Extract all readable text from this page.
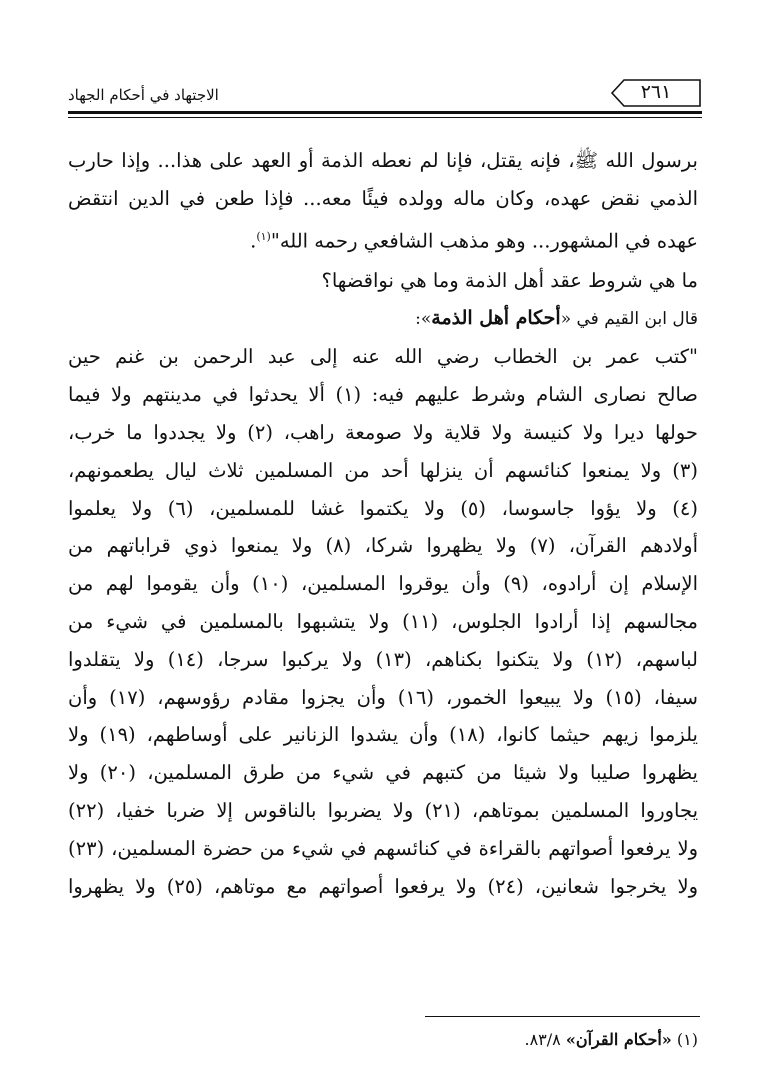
٢٦١
الاجتهاد في أحكام الجهاد
برسول الله ﷺ، فإنه يقتل، فإنا لم نعطه الذمة أو العهد على هذا... وإذا حارب
الذمي نقض عهده، وكان ماله وولده فيئًا معه... فإذا طعن في الدين انتقض
عهده في المشهور... وهو مذهب الشافعي رحمه الله"$^{(١)}$.
ما هي شروط عقد أهل الذمة وما هي نواقضها؟
قال ابن القيم في «أحكام أهل الذمة»:
"كتب عمر بن الخطاب رضي الله عنه إلى عبد الرحمن بن غنم حين
صالح نصارى الشام وشرط عليهم فيه: (١) ألا يحدثوا في مدينتهم ولا فيما
حولها ديرا ولا كنيسة ولا قلاية ولا صومعة راهب، (٢) ولا يجددوا ما خرب،
(٣) ولا يمنعوا كنائسهم أن ينزلها أحد من المسلمين ثلاث ليال يطعمونهم،
(٤) ولا يؤوا جاسوسا، (٥) ولا يكتموا غشا للمسلمين، (٦) ولا يعلموا
أولادهم القرآن، (٧) ولا يظهروا شركا، (٨) ولا يمنعوا ذوي قراباتهم من
الإسلام إن أرادوه، (٩) وأن يوقروا المسلمين، (١٠) وأن يقوموا لهم من
مجالسهم إذا أرادوا الجلوس، (١١) ولا يتشبهوا بالمسلمين في شيء من
لباسهم، (١٢) ولا يتكنوا بكناهم، (١٣) ولا يركبوا سرجا، (١٤) ولا يتقلدوا
سيفا، (١٥) ولا يبيعوا الخمور، (١٦) وأن يجزوا مقادم رؤوسهم، (١٧) وأن
يلزموا زيهم حيثما كانوا، (١٨) وأن يشدوا الزنانير على أوساطهم، (١٩) ولا
يظهروا صليبا ولا شيئا من كتبهم في شيء من طرق المسلمين، (٢٠) ولا
يجاوروا المسلمين بموتاهم، (٢١) ولا يضربوا بالناقوس إلا ضربا خفيا، (٢٢)
ولا يرفعوا أصواتهم بالقراءة في كنائسهم في شيء من حضرة المسلمين، (٢٣)
ولا يخرجوا شعانين، (٢٤) ولا يرفعوا أصواتهم مع موتاهم، (٢٥) ولا يظهروا
(١) «أحكام القرآن» ٨٣/٨.
